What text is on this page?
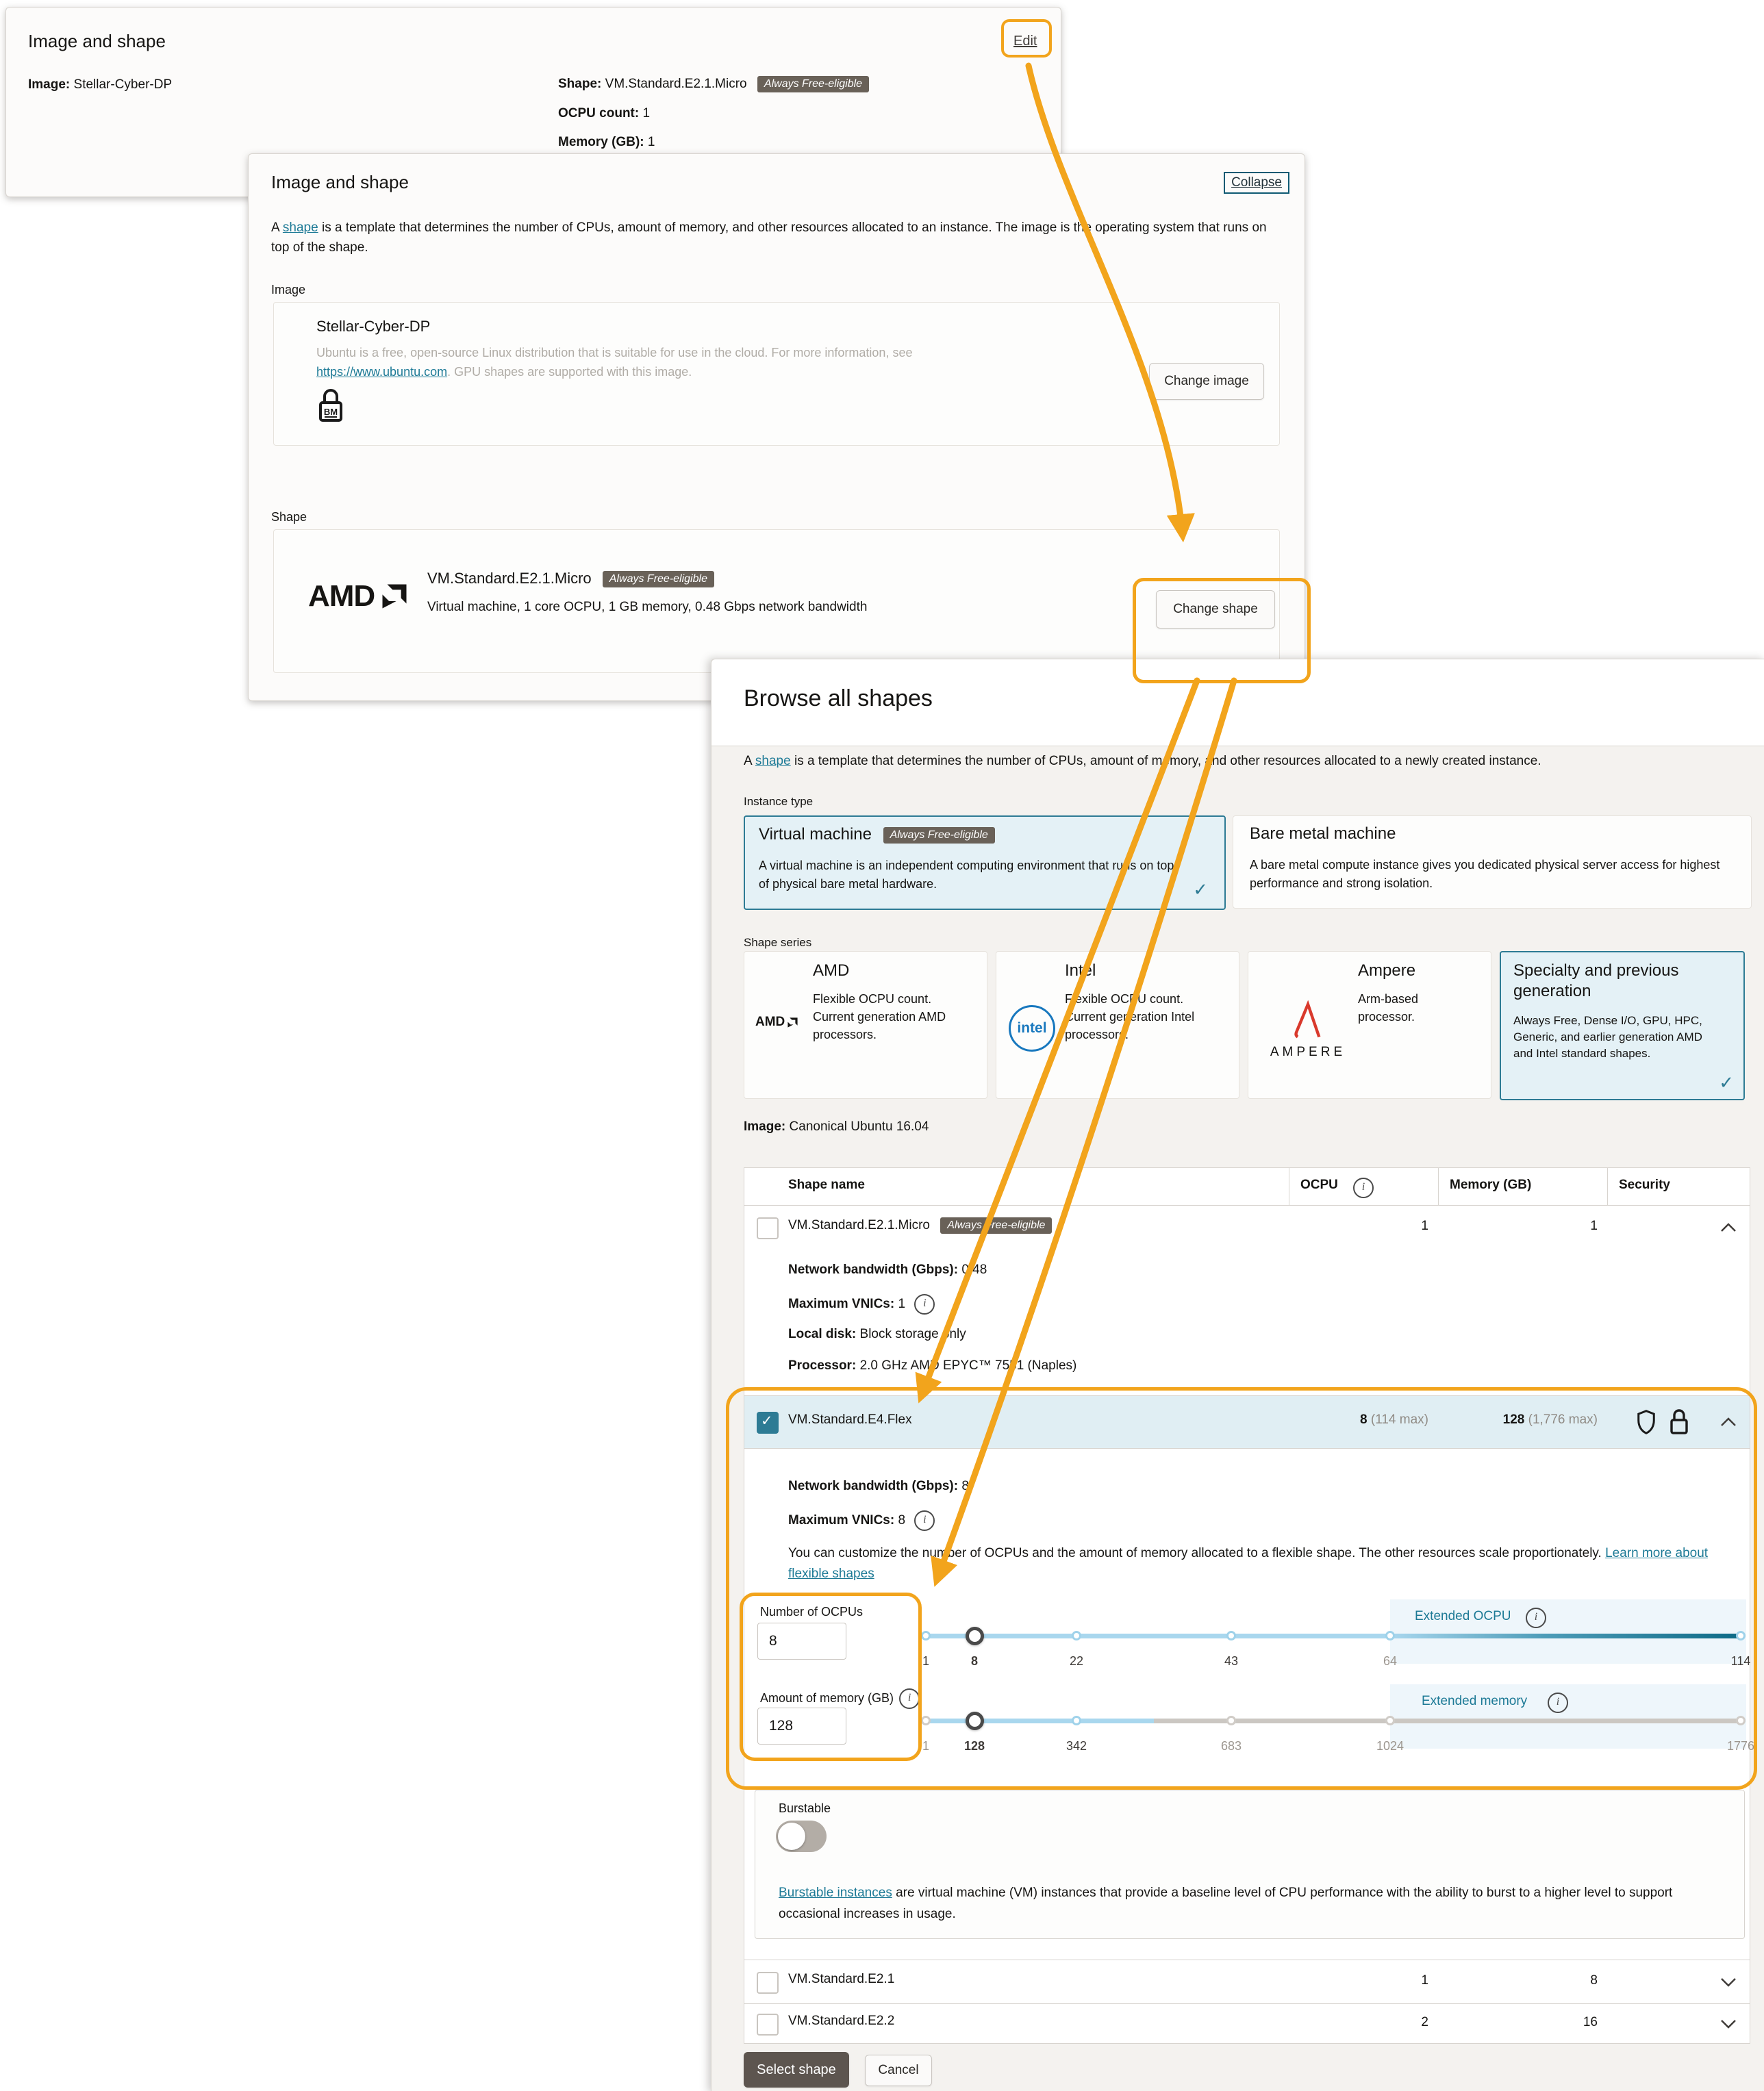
Image and shape
Image: Stellar-Cyber-DP	Shape: VM.Standard.E2.1.Micro Always Free-eligible
OCPU count: 1
Memory (GB): 1
Edit
Image and shape	Collapse
A shape is a template that determines the number of CPUs, amount of memory, and other resources allocated to an instance. The image is the operating system that runs on top of the shape.
Image
Stellar-Cyber-DP
Ubuntu is a free, open-source Linux distribution that is suitable for use in the cloud. For more information, see https://www.ubuntu.com. GPU shapes are supported with this image.
BM
Change image
Shape
AMD
VM.Standard.E2.1.Micro Always Free-eligible
Virtual machine, 1 core OCPU, 1 GB memory, 0.48 Gbps network bandwidth	Change shape
Browse all shapes
A shape is a template that determines the number of CPUs, amount of memory, and other resources allocated to a newly created instance.
Instance type
Virtual machine Always Free-eligible
A virtual machine is an independent computing environment that runs on top of physical bare metal hardware.
✓
Bare metal machine
A bare metal compute instance gives you dedicated physical server access for highest performance and strong isolation.
Shape series
AMD
AMD
Flexible OCPU count. Current generation AMD processors.
Intel
intel
Flexible OCPU count. Current generation Intel processors.
Ampere
AMPERE
Arm-based processor.
Specialty and previous generation
Always Free, Dense I/O, GPU, HPC, Generic, and earlier generation AMD and Intel standard shapes.
✓
Image: Canonical Ubuntu 16.04
Shape name	OCPU i	Memory (GB)	Security
VM.Standard.E2.1.Micro Always Free-eligible	1	1
Network bandwidth (Gbps): 0.48
Maximum VNICs: 1 i
Local disk: Block storage only
Processor: 2.0 GHz AMD EPYC™ 7551 (Naples)
✓
VM.Standard.E4.Flex	8 (114 max)	128 (1,776 max)
Network bandwidth (Gbps): 8
Maximum VNICs: 8 i
You can customize the number of OCPUs and the amount of memory allocated to a flexible shape. The other resources scale proportionately. Learn more about flexible shapes
Number of OCPUs
8	Extended OCPU
i
1	8	22	43	64	114
Amount of memory (GB) i
128	Extended memory
i
1	128	342	683	1024	1776
Burstable
Burstable instances are virtual machine (VM) instances that provide a baseline level of CPU performance with the ability to burst to a higher level to support occasional increases in usage.
VM.Standard.E2.1	1	8
VM.Standard.E2.2	2	16
Select shape	Cancel
